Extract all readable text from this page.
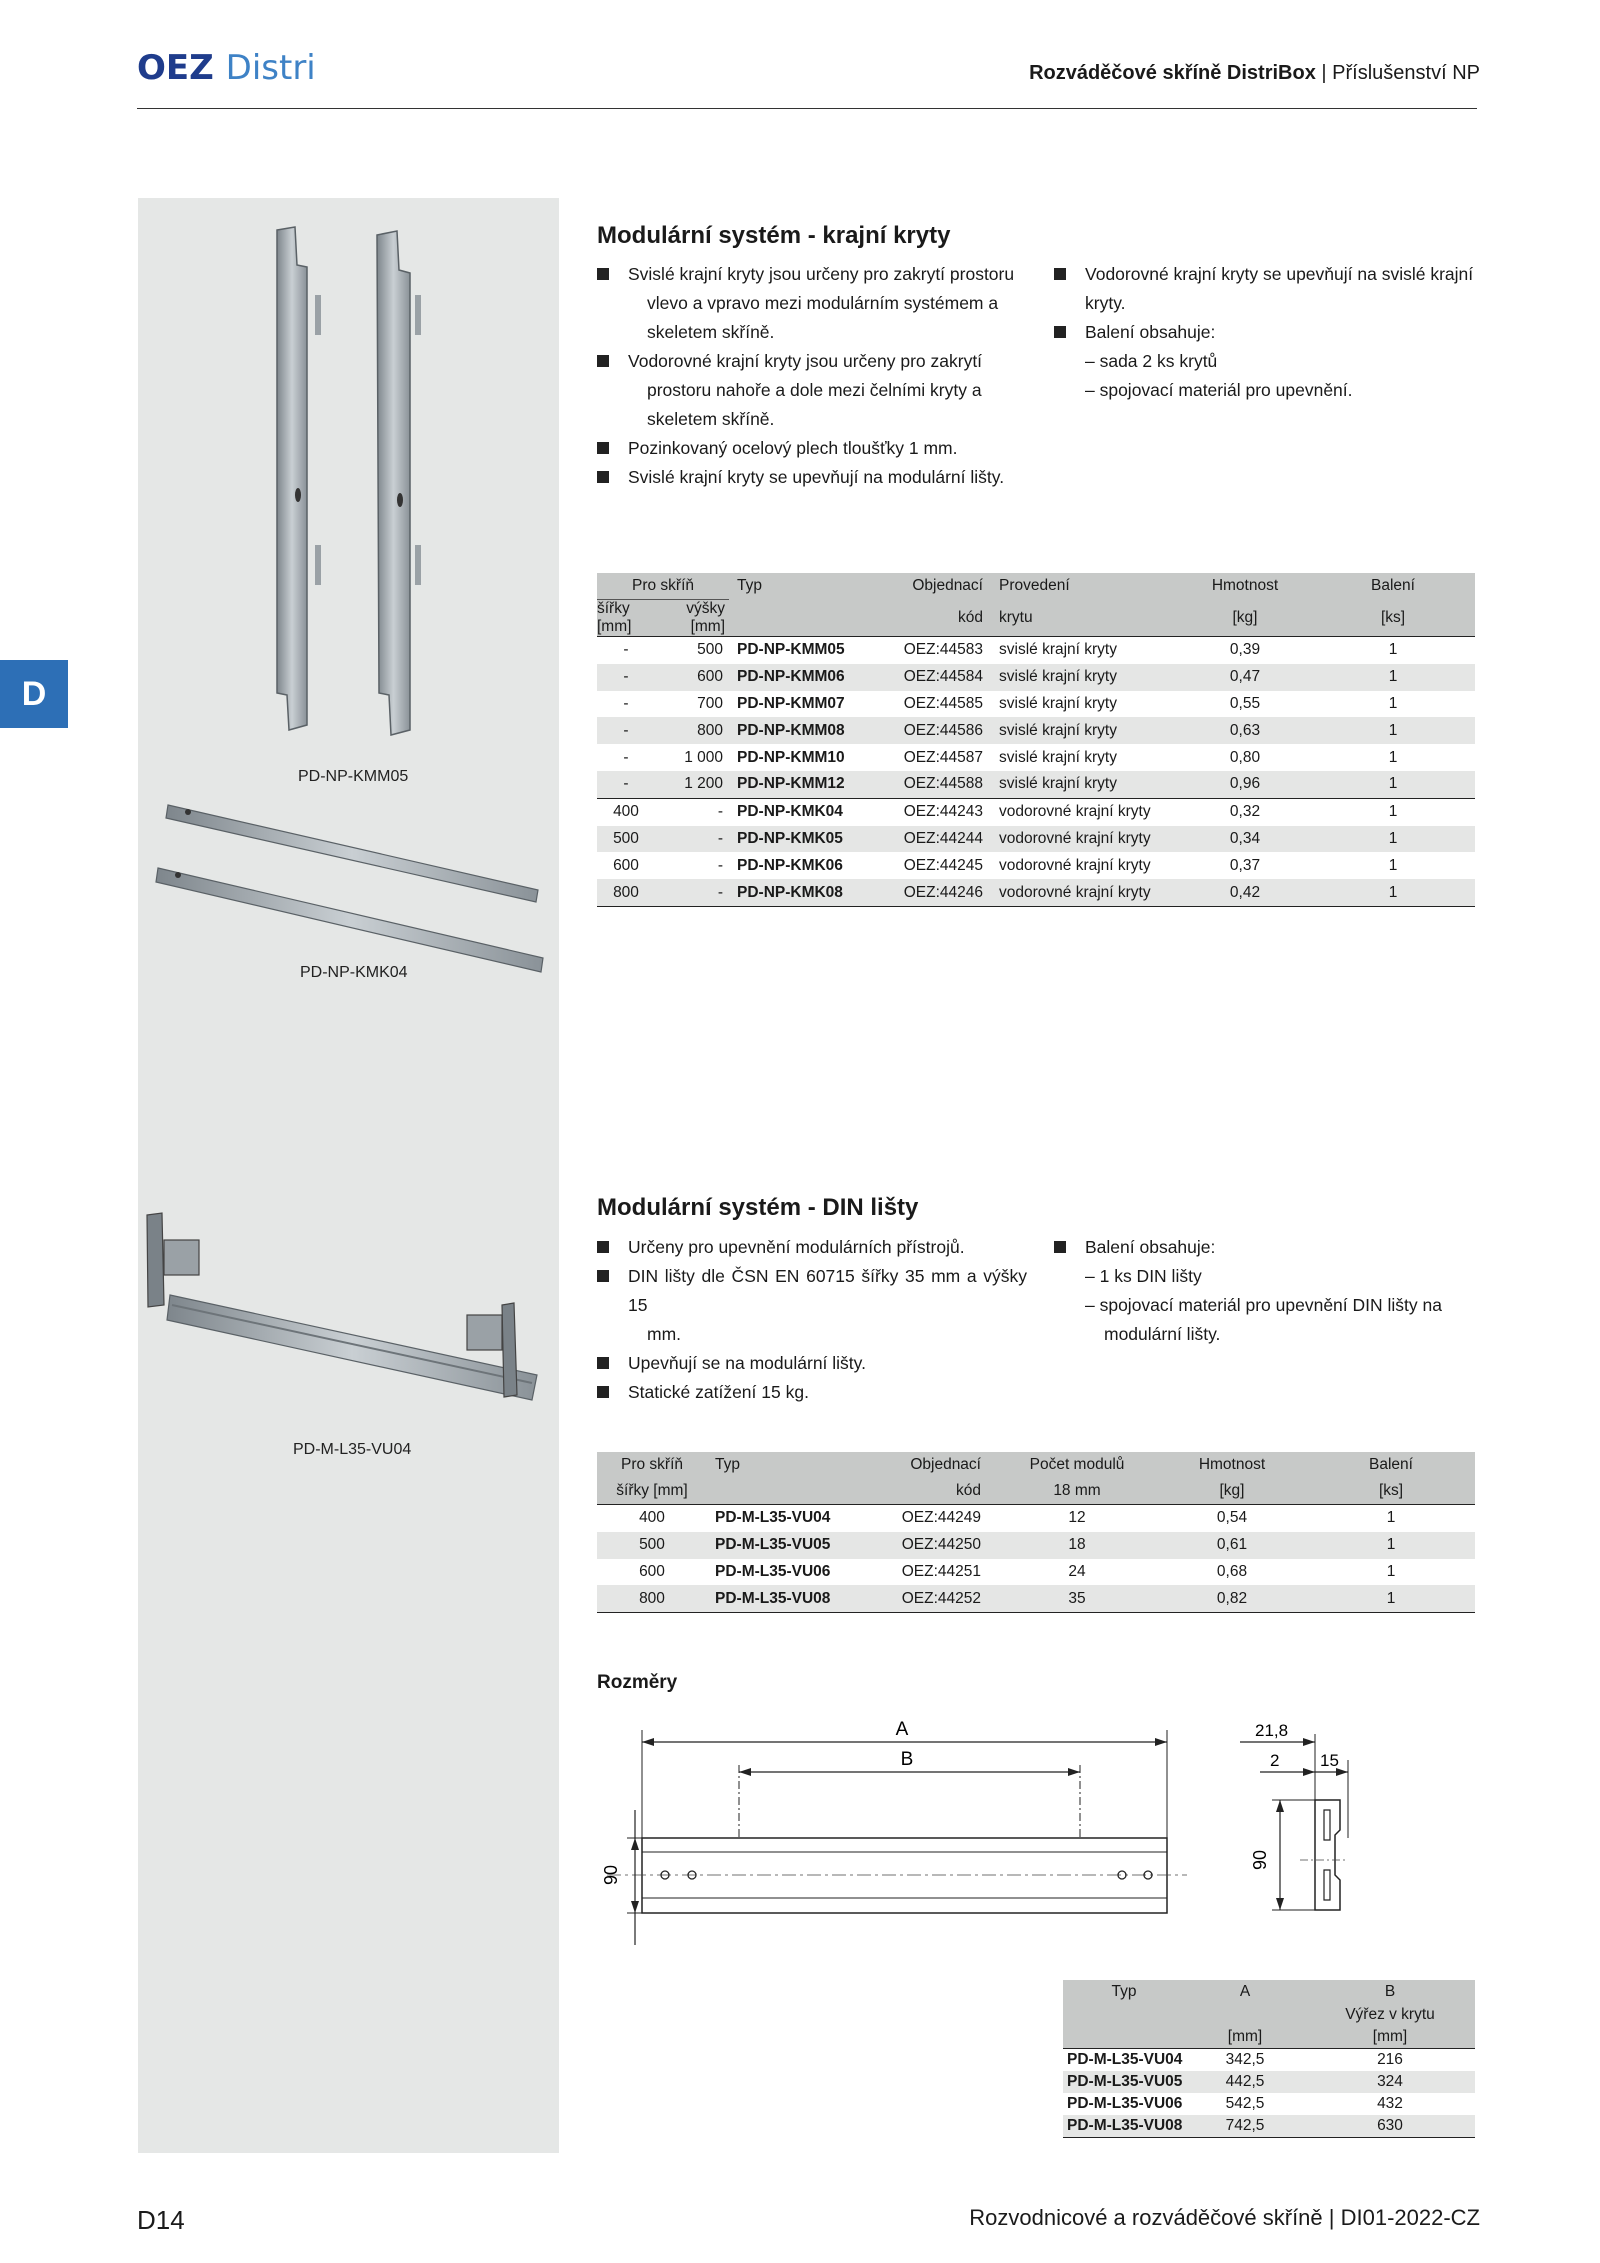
OEZ Distri	Rozváděčové skříně DistriBox | Příslušenství NP
D
PD-NP-KMM05
PD-NP-KMK04
PD-M-L35-VU04
Modulární systém - krajní kryty
Svislé krajní kryty jsou určeny pro zakrytí prostoru
vlevo a vpravo mezi modulárním systémem a
skeletem skříně.
Vodorovné krajní kryty jsou určeny pro zakrytí
prostoru nahoře a dole mezi čelními kryty a
skeletem skříně.
Pozinkovaný ocelový plech tloušťky 1 mm.
Svislé krajní kryty se upevňují na modulární lišty.
Vodorovné krajní kryty se upevňují na svislé krajní
kryty.
Balení obsahuje:
– sada 2 ks krytů
– spojovací materiál pro upevnění.
Pro skříň		Typ	Objednací	Provedení	Hmotnost	Balení
šířky [mm]	výšky [mm]		kód	krytu	[kg]	[ks]
-	500	PD-NP-KMM05	OEZ:44583	svislé krajní kryty	0,39	1
-	600	PD-NP-KMM06	OEZ:44584	svislé krajní kryty	0,47	1
-	700	PD-NP-KMM07	OEZ:44585	svislé krajní kryty	0,55	1
-	800	PD-NP-KMM08	OEZ:44586	svislé krajní kryty	0,63	1
-	1 000	PD-NP-KMM10	OEZ:44587	svislé krajní kryty	0,80	1
-	1 200	PD-NP-KMM12	OEZ:44588	svislé krajní kryty	0,96	1
400	-	PD-NP-KMK04	OEZ:44243	vodorovné krajní kryty	0,32	1
500	-	PD-NP-KMK05	OEZ:44244	vodorovné krajní kryty	0,34	1
600	-	PD-NP-KMK06	OEZ:44245	vodorovné krajní kryty	0,37	1
800	-	PD-NP-KMK08	OEZ:44246	vodorovné krajní kryty	0,42	1
Modulární systém - DIN lišty
Určeny pro upevnění modulárních přístrojů.
DIN lišty dle ČSN EN 60715 šířky 35 mm a výšky 15
mm.
Upevňují se na modulární lišty.
Statické zatížení 15 kg.
Balení obsahuje:
– 1 ks DIN lišty
– spojovací materiál pro upevnění DIN lišty na
modulární lišty.
Pro skříň	Typ	Objednací	Počet modulů	Hmotnost	Balení
šířky [mm]		kód	18 mm	[kg]	[ks]
400	PD-M-L35-VU04	OEZ:44249	12	0,54	1
500	PD-M-L35-VU05	OEZ:44250	18	0,61	1
600	PD-M-L35-VU06	OEZ:44251	24	0,68	1
800	PD-M-L35-VU08	OEZ:44252	35	0,82	1
Rozměry
A
B
90
21,8
2 15
90
Typ	A	B
		Výřez v krytu
	[mm]	[mm]
PD-M-L35-VU04	342,5	216
PD-M-L35-VU05	442,5	324
PD-M-L35-VU06	542,5	432
PD-M-L35-VU08	742,5	630
D14	Rozvodnicové a rozváděčové skříně | DI01-2022-CZ
